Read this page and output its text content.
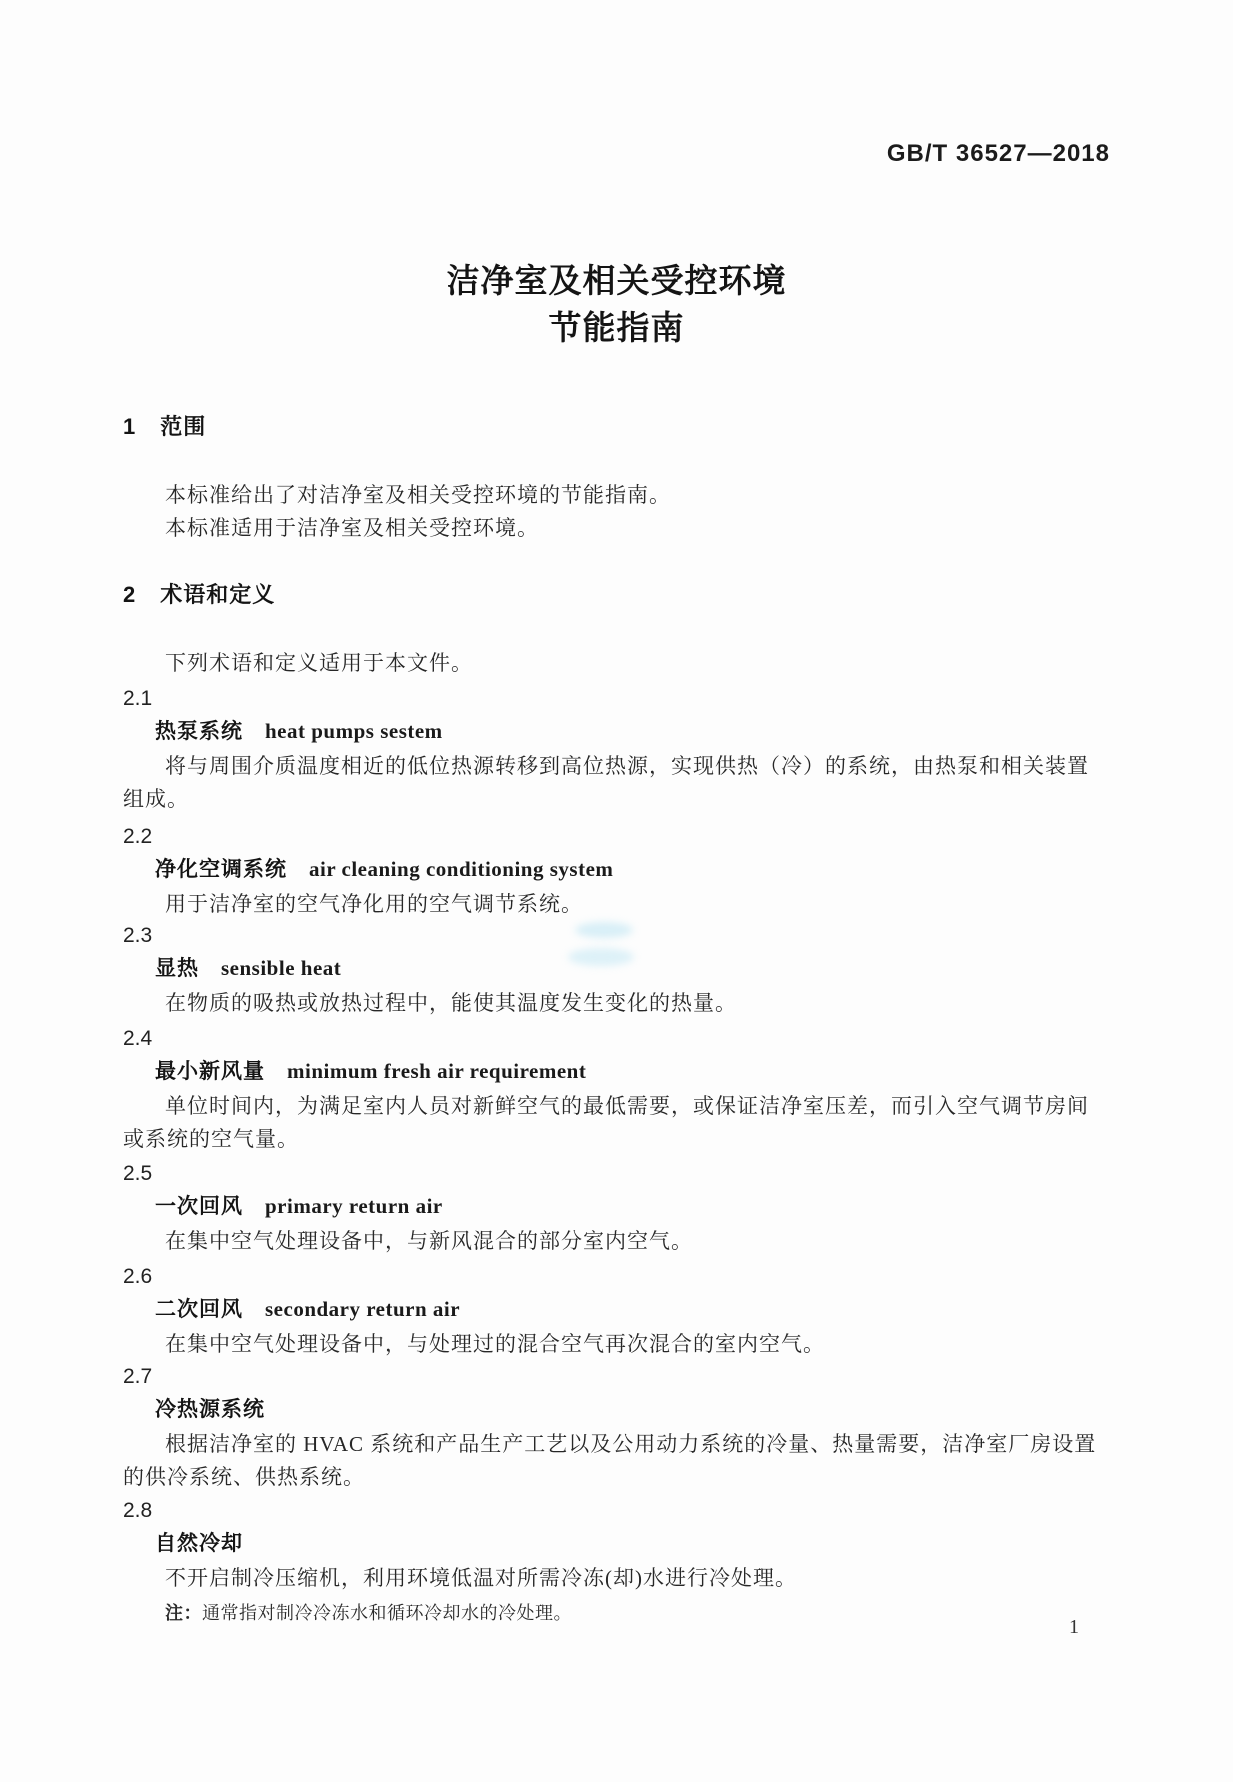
GB/T 36527—2018
洁净室及相关受控环境
节能指南
1 范围

本标准给出了对洁净室及相关受控环境的节能指南。

本标准适用于洁净室及相关受控环境。

2 术语和定义

下列术语和定义适用于本文件。

2.1
热泵系统 heat pumps sestem

将与周围介质温度相近的低位热源转移到高位热源，实现供热（冷）的系统，由热泵和相关装置组成。

2.2
净化空调系统 air cleaning conditioning system

用于洁净室的空气净化用的空气调节系统。

2.3
显热 sensible heat

在物质的吸热或放热过程中，能使其温度发生变化的热量。

2.4
最小新风量 minimum fresh air requirement

单位时间内，为满足室内人员对新鲜空气的最低需要，或保证洁净室压差，而引入空气调节房间或系统的空气量。

2.5
一次回风 primary return air

在集中空气处理设备中，与新风混合的部分室内空气。

2.6
二次回风 secondary return air

在集中空气处理设备中，与处理过的混合空气再次混合的室内空气。

2.7
冷热源系统

根据洁净室的 HVAC 系统和产品生产工艺以及公用动力系统的冷量、热量需要，洁净室厂房设置的供冷系统、供热系统。

2.8
自然冷却

不开启制冷压缩机，利用环境低温对所需冷冻(却)水进行冷处理。

注：通常指对制冷冷冻水和循环冷却水的冷处理。

1
